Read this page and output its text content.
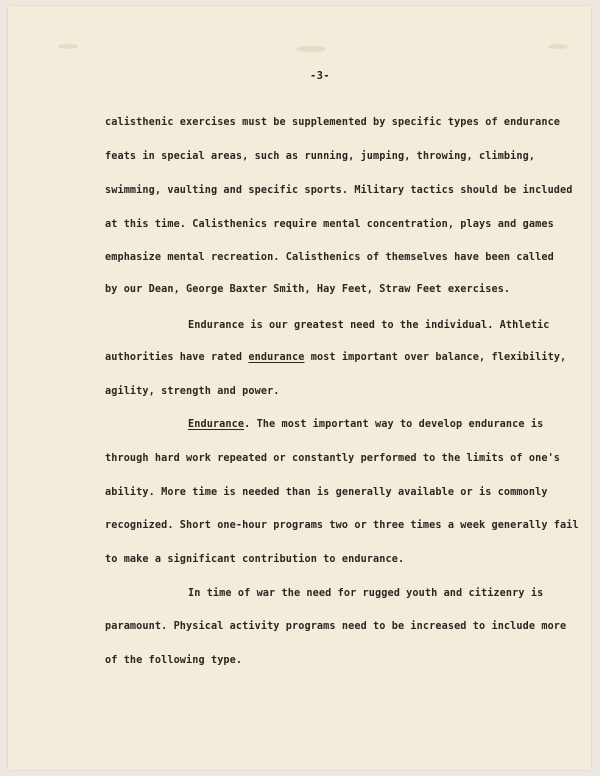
-3-
calisthenic exercises must be supplemented by specific types of endurance
feats in special areas, such as running, jumping, throwing, climbing,
swimming, vaulting and specific sports. Military tactics should be included
at this time. Calisthenics require mental concentration, plays and games
emphasize mental recreation. Calisthenics of themselves have been called
by our Dean, George Baxter Smith, Hay Feet, Straw Feet exercises.
Endurance is our greatest need to the individual. Athletic
authorities have rated endurance most important over balance, flexibility,
agility, strength and power.
Endurance. The most important way to develop endurance is
through hard work repeated or constantly performed to the limits of one's
ability. More time is needed than is generally available or is commonly
recognized. Short one-hour programs two or three times a week generally fail
to make a significant contribution to endurance.
In time of war the need for rugged youth and citizenry is
paramount. Physical activity programs need to be increased to include more
of the following type.
